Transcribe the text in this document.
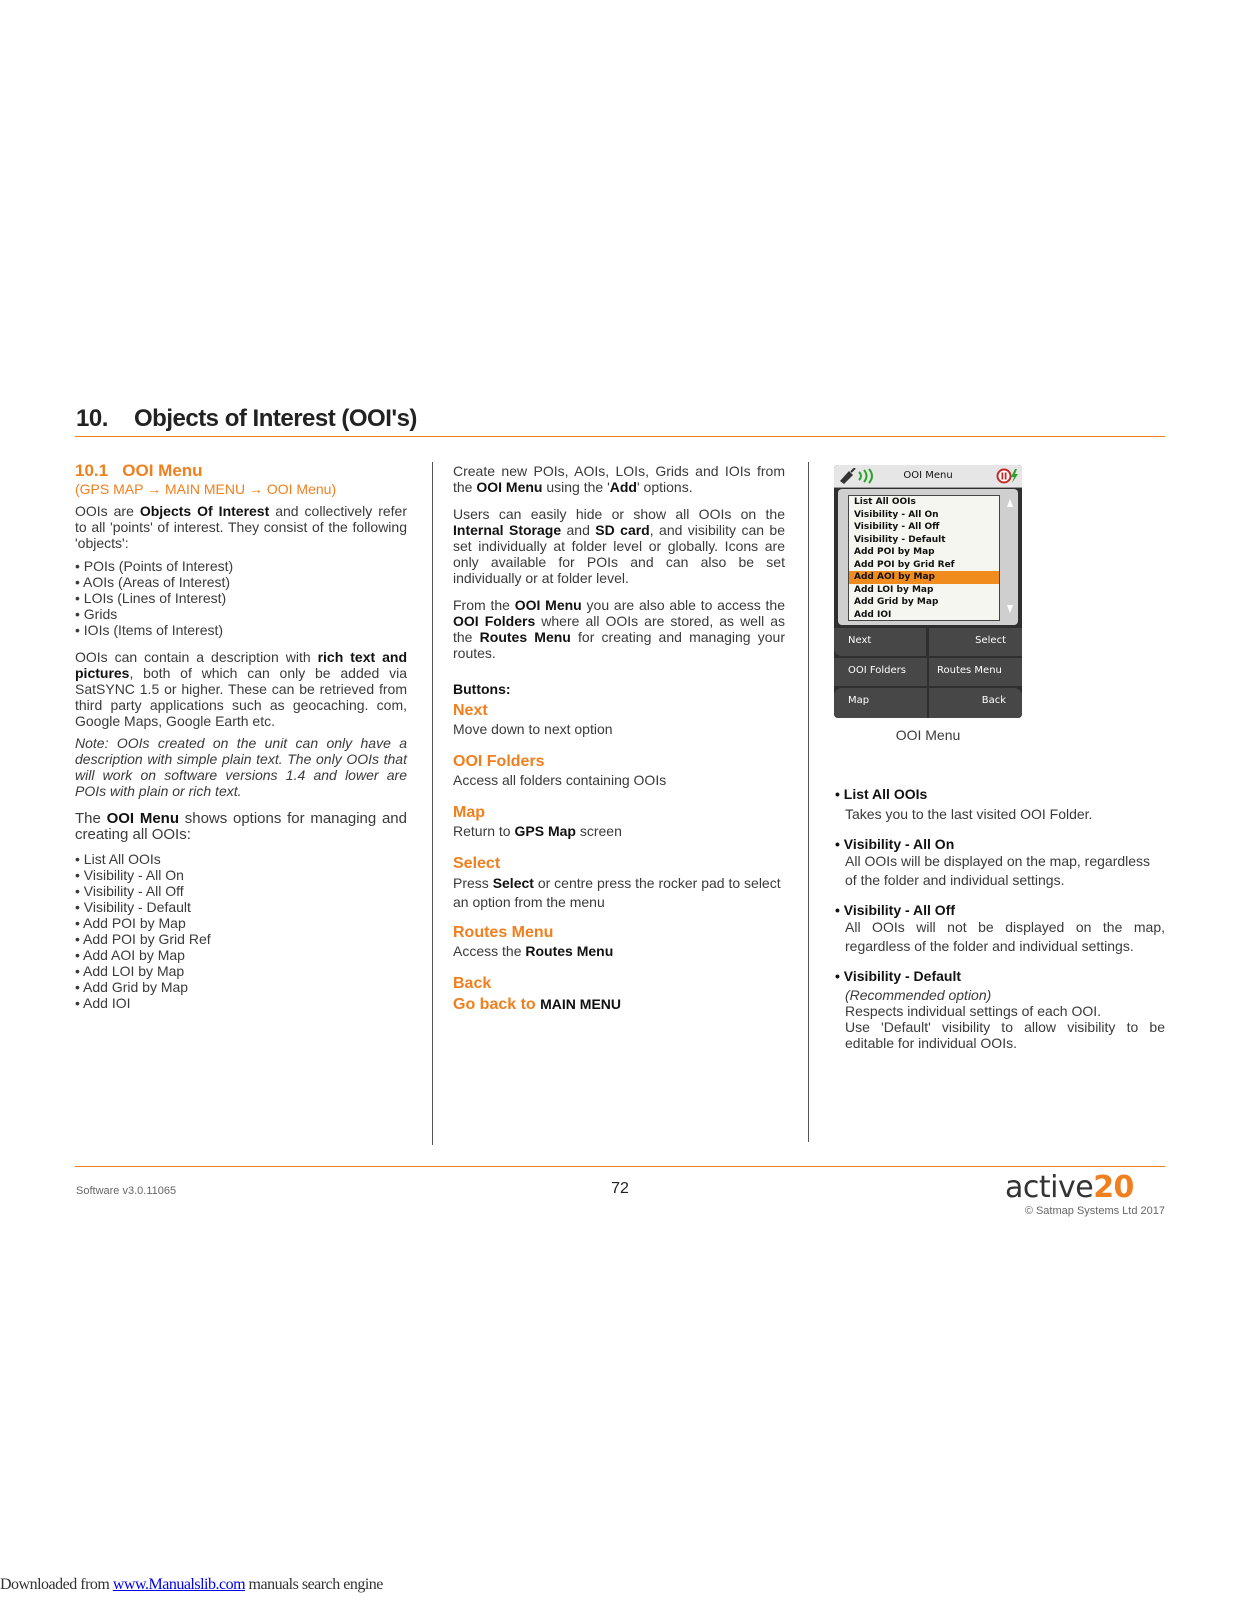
10. Objects of Interest (OOI's)
10.1 OOI Menu
(GPS MAP → MAIN MENU → OOI Menu)

OOIs are Objects Of Interest and collectively refer to all 'points' of interest. They consist of the following 'objects':

• POIs (Points of Interest)
• AOIs (Areas of Interest)
• LOIs (Lines of Interest)
• Grids
• IOIs (Items of Interest)

OOIs can contain a description with rich text and pictures, both of which can only be added via SatSYNC 1.5 or higher. These can be retrieved from third party applications such as geocaching. com, Google Maps, Google Earth etc.

Note: OOIs created on the unit can only have a description with simple plain text. The only OOIs that will work on software versions 1.4 and lower are POIs with plain or rich text.

The OOI Menu shows options for managing and creating all OOIs:

• List All OOIs
• Visibility - All On
• Visibility - All Off
• Visibility - Default
• Add POI by Map
• Add POI by Grid Ref
• Add AOI by Map
• Add LOI by Map
• Add Grid by Map
• Add IOI

Create new POIs, AOIs, LOIs, Grids and IOIs from the OOI Menu using the 'Add' options.

Users can easily hide or show all OOIs on the Internal Storage and SD card, and visibility can be set individually at folder level or globally. Icons are only available for POIs and can also be set individually or at folder level.

From the OOI Menu you are also able to access the OOI Folders where all OOIs are stored, as well as the Routes Menu for creating and managing your routes.

Buttons:

Next
Move down to next option
OOI Folders
Access all folders containing OOIs
Map
Return to GPS Map screen
Select
Press Select or centre press the rocker pad to select an option from the menu
Routes Menu
Access the Routes Menu
Back
Go back to MAIN MENU
OOI Menu
List All OOIs
Visibility - All On
Visibility - All Off
Visibility - Default
Add POI by Map
Add POI by Grid Ref
Add AOI by Map
Add LOI by Map
Add Grid by Map
Add IOI
Next	Select
OOI Folders	Routes Menu
Map	Back
OOI Menu
• List All OOIs
Takes you to the last visited OOI Folder.
• Visibility - All On
All OOIs will be displayed on the map, regardless of the folder and individual settings.
• Visibility - All Off
All OOIs will not be displayed on the map, regardless of the folder and individual settings.
• Visibility - Default
(Recommended option)
Respects individual settings of each OOI.
Use 'Default' visibility to allow visibility to be editable for individual OOIs.
Software v3.0.11065	72	active20
© Satmap Systems Ltd 2017
Downloaded from www.Manualslib.com manuals search engine
